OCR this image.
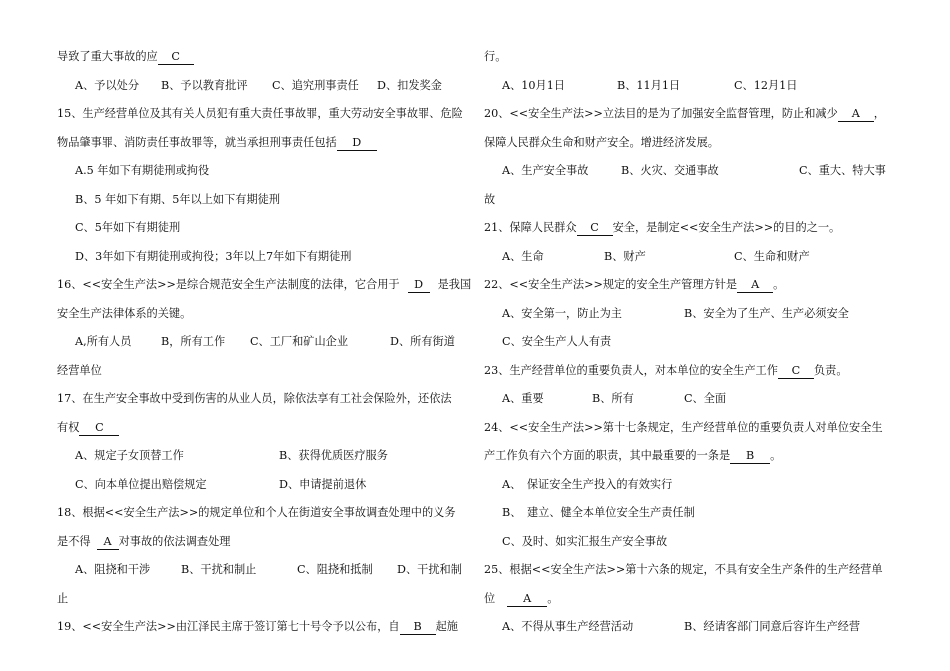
导致了重大事故的应 C
A、予以处分 B、予以教育批评 C、追究刑事责任 D、扣发奖金
15、生产经营单位及其有关人员犯有重大责任事故罪，重大劳动安全事故罪、危险
物品肇事罪、消防责任事故罪等，就当承担刑事责任包括 D
A.5 年如下有期徒刑或拘役
B、5 年如下有期、5年以上如下有期徒刑
C、5年如下有期徒刑
D、3年如下有期徒刑或拘役；3年以上7年如下有期徒刑
16、<<安全生产法>>是综合规范安全生产法制度的法律，它合用于 D 是我国
安全生产法律体系的关键。
A,所有人员	B，所有工作 C、工厂和矿山企业	D、所有街道
经营单位
17、在生产安全事故中受到伤害的从业人员，除依法享有工社会保险外，还依法
有权 C
A、规定子女顶替工作	B、获得优质医疗服务
C、向本单位提出赔偿规定	D、申请提前退休
18、根据<<安全生产法>>的规定单位和个人在街道安全事故调查处理中的义务
是不得 A 对事故的依法调查处理
A、阻挠和干涉	B、干扰和制止	C、阻挠和抵制 D、干扰和制
止
19、<<安全生产法>>由江泽民主席于签订第七十号令予以公布，自 B 起施
行。
A、10月1日	B、11月1日	C、12月1日
20、<<安全生产法>>立法目的是为了加强安全监督管理，防止和减少 A ，
保障人民群众生命和财产安全。增进经济发展。
A、生产安全事故	B、火灾、交通事故	C、重大、特大事
故
21、保障人民群众 C 安全，是制定<<安全生产法>>的目的之一。
A、生命	B、财产	C、生命和财产
22、<<安全生产法>>规定的安全生产管理方针是 A 。
A、安全第一，防止为主	B、安全为了生产、生产必须安全
C、安全生产人人有责
23、生产经营单位的重要负责人，对本单位的安全生产工作 C 负责。
A、重要	B、所有	C、全面
24、<<安全生产法>>第十七条规定，生产经营单位的重要负责人对单位安全生
产工作负有六个方面的职责，其中最重要的一条是 B 。
A、　保证安全生产投入的有效实行
B、　建立、健全本单位安全生产责任制
C、及时、如实汇报生产安全事故
25、根据<<安全生产法>>第十六条的规定，不具有安全生产条件的生产经营单
位 A 。
A、不得从事生产经营活动	B、经请客部门同意后容许生产经营
